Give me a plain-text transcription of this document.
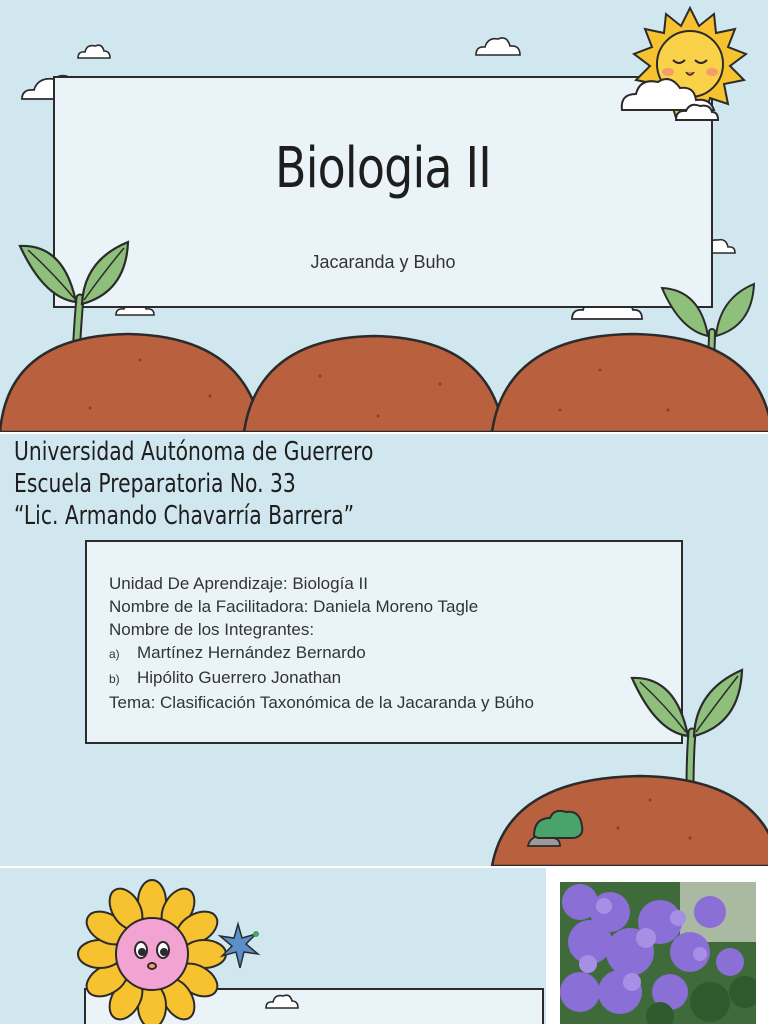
Biologia II
Jacaranda y Buho
Universidad Autónoma de Guerrero
Escuela Preparatoria No. 33
“Lic. Armando Chavarría Barrera”
Unidad De Aprendizaje: Biología II
Nombre de la Facilitadora: Daniela Moreno Tagle
Nombre de los Integrantes:
a) Martínez Hernández Bernardo
b) Hipólito Guerrero Jonathan
Tema: Clasificación Taxonómica de la Jacaranda y Búho
